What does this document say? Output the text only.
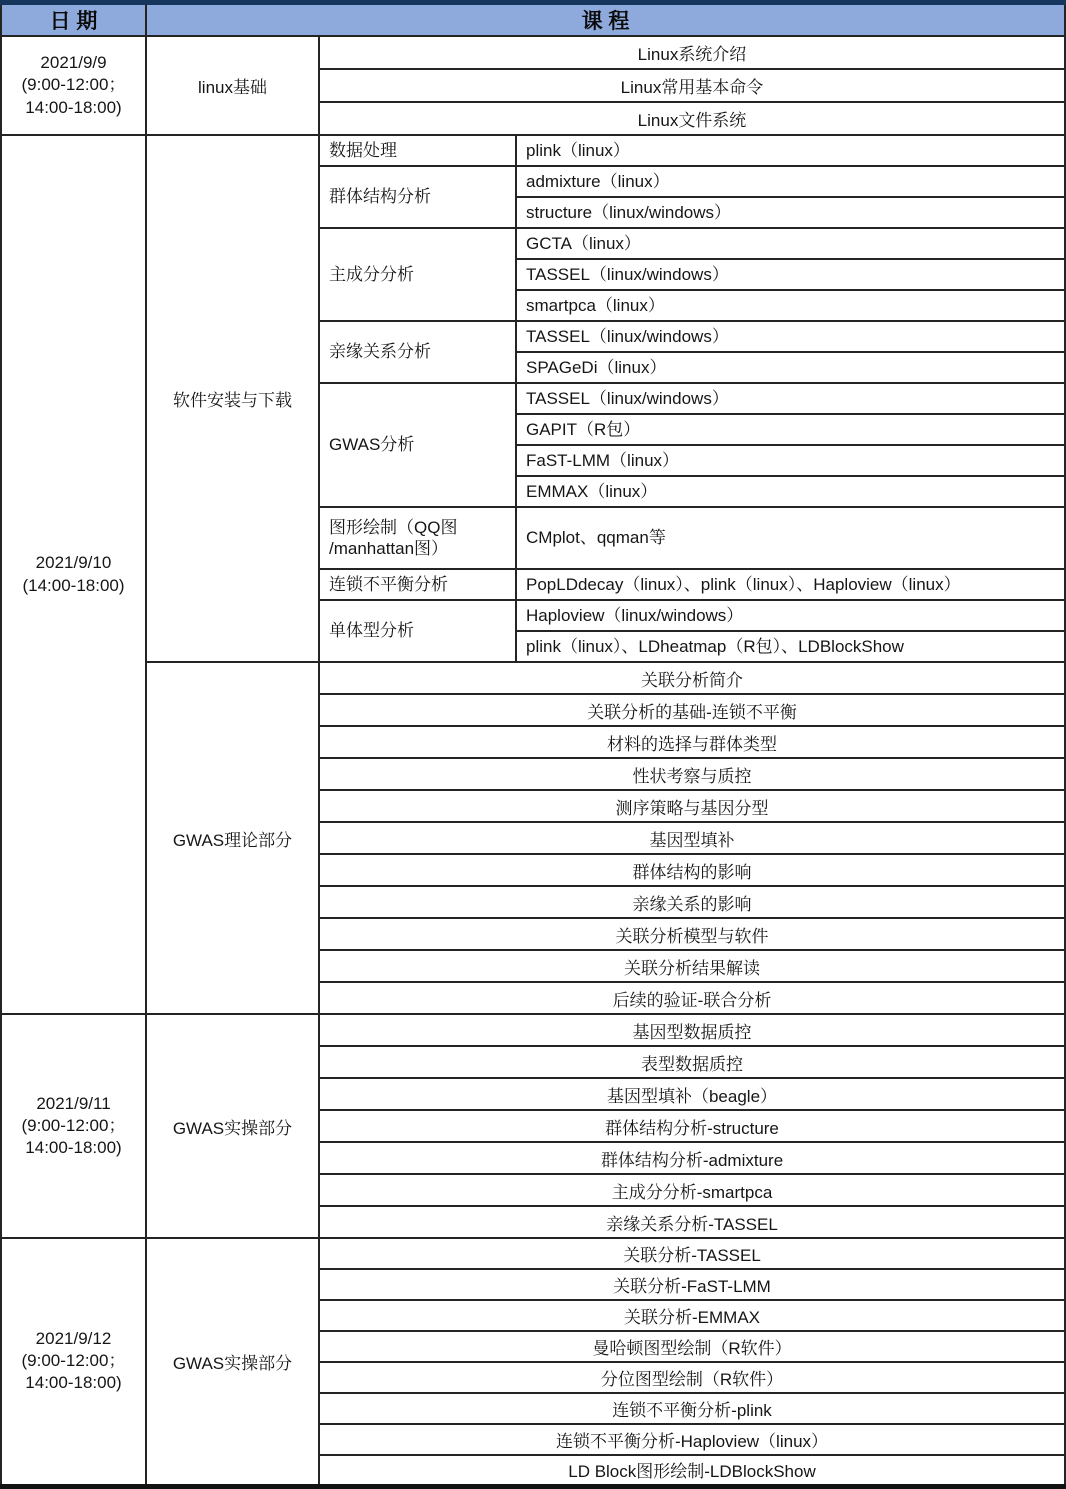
日 期	课 程		

2021/9/9
(9:00-12:00；
14:00-18:00)	linux基础	Linux系统介绍	
		Linux常用基本命令	
		Linux文件系统	

2021/9/10
(14:00-18:00)	软件安装与下载	数据处理	plink（linux）
		群体结构分析	admixture（linux）
			structure（linux/windows）
		主成分分析	GCTA（linux）
			TASSEL（linux/windows）
			smartpca（linux）
		亲缘关系分析	TASSEL（linux/windows）
			SPAGeDi（linux）
		GWAS分析	TASSEL（linux/windows）
			GAPIT（R包）
			FaST-LMM（linux）
			EMMAX（linux）

		图形绘制（QQ图
/manhattan图）	CMplot、qqman等
		连锁不平衡分析	PopLDdecay（linux）、plink（linux）、Haploview（linux）
		单体型分析	Haploview（linux/windows）
			plink（linux）、LDheatmap（R包）、LDBlockShow
	GWAS理论部分	关联分析简介	
		关联分析的基础-连锁不平衡	
		材料的选择与群体类型	
		性状考察与质控	
		测序策略与基因分型	
		基因型填补	
		群体结构的影响	
		亲缘关系的影响	
		关联分析模型与软件	
		关联分析结果解读	
		后续的验证-联合分析	

2021/9/11
(9:00-12:00；
14:00-18:00)	GWAS实操部分	基因型数据质控	
		表型数据质控	
		基因型填补（beagle）	
		群体结构分析-structure	
		群体结构分析-admixture	
		主成分分析-smartpca	
		亲缘关系分析-TASSEL	

2021/9/12
(9:00-12:00；
14:00-18:00)	GWAS实操部分	关联分析-TASSEL	
		关联分析-FaST-LMM	
		关联分析-EMMAX	
		曼哈顿图型绘制（R软件）	
		分位图型绘制（R软件）	
		连锁不平衡分析-plink	
		连锁不平衡分析-Haploview（linux）	
		LD Block图形绘制-LDBlockShow	
